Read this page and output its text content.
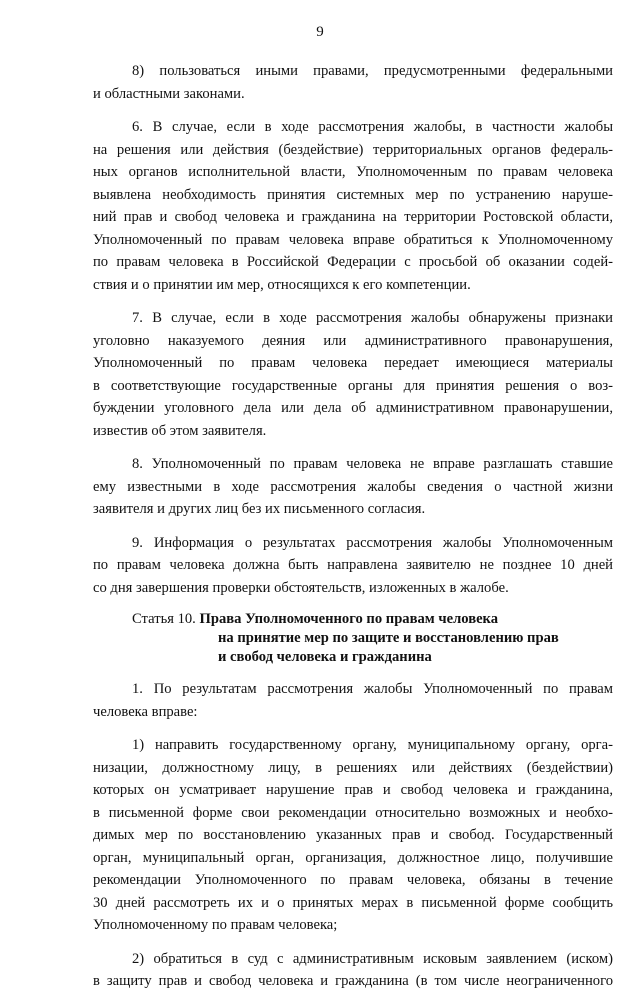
9
8) пользоваться иными правами, предусмотренными федеральными
и областными законами.
6. В случае, если в ходе рассмотрения жалобы, в частности жалобы
на решения или действия (бездействие) территориальных органов федераль-
ных органов исполнительной власти, Уполномоченным по правам человека
выявлена необходимость принятия системных мер по устранению наруше-
ний прав и свобод человека и гражданина на территории Ростовской области,
Уполномоченный по правам человека вправе обратиться к Уполномоченному
по правам человека в Российской Федерации с просьбой об оказании содей-
ствия и о принятии им мер, относящихся к его компетенции.
7. В случае, если в ходе рассмотрения жалобы обнаружены признаки
уголовно наказуемого деяния или административного правонарушения,
Уполномоченный по правам человека передает имеющиеся материалы
в соответствующие государственные органы для принятия решения о воз-
буждении уголовного дела или дела об административном правонарушении,
известив об этом заявителя.
8. Уполномоченный по правам человека не вправе разглашать ставшие
ему известными в ходе рассмотрения жалобы сведения о частной жизни
заявителя и других лиц без их письменного согласия.
9. Информация о результатах рассмотрения жалобы Уполномоченным
по правам человека должна быть направлена заявителю не позднее 10 дней
со дня завершения проверки обстоятельств, изложенных в жалобе.
Статья 10. Права Уполномоченного по правам человека
на принятие мер по защите и восстановлению прав
и свобод человека и гражданина
1. По результатам рассмотрения жалобы Уполномоченный по правам
человека вправе:
1) направить государственному органу, муниципальному органу, орга-
низации, должностному лицу, в решениях или действиях (бездействии)
которых он усматривает нарушение прав и свобод человека и гражданина,
в письменной форме свои рекомендации относительно возможных и необхо-
димых мер по восстановлению указанных прав и свобод. Государственный
орган, муниципальный орган, организация, должностное лицо, получившие
рекомендации Уполномоченного по правам человека, обязаны в течение
30 дней рассмотреть их и о принятых мерах в письменной форме сообщить
Уполномоченному по правам человека;
2) обратиться в суд с административным исковым заявлением (иском)
в защиту прав и свобод человека и гражданина (в том числе неограниченного
